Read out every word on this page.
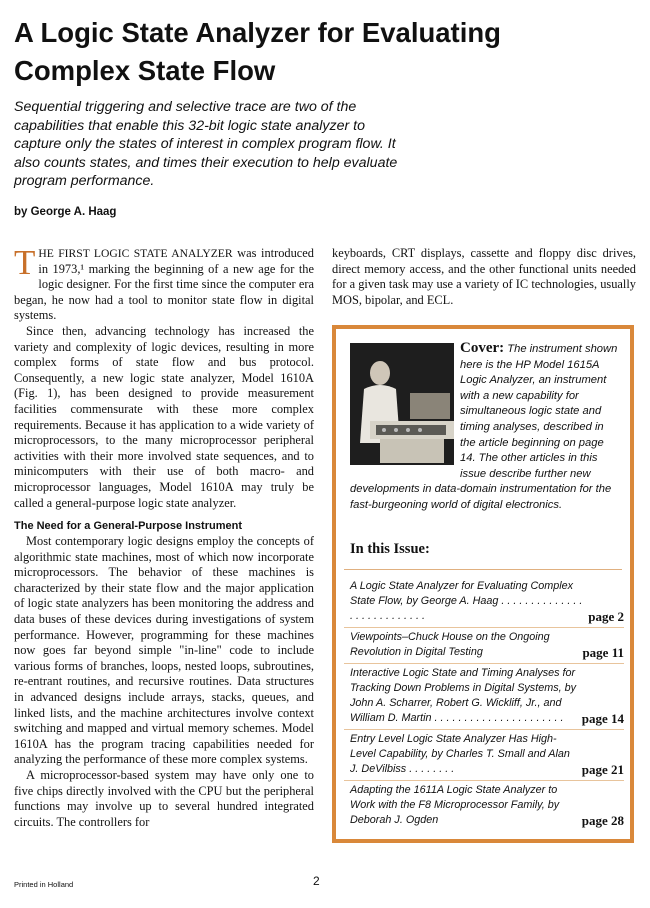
A Logic State Analyzer for Evaluating
Complex State Flow

Sequential triggering and selective trace are two of the capabilities that enable this 32-bit logic state analyzer to capture only the states of interest in complex program flow. It also counts states, and times their execution to help evaluate program performance.

by George A. Haag

THE FIRST LOGIC STATE ANALYZER was introduced in 1973,¹ marking the beginning of a new age for the logic designer. For the first time since the computer era began, he now had a tool to monitor state flow in digital systems.

Since then, advancing technology has increased the variety and complexity of logic devices, resulting in more complex forms of state flow and bus protocol. Consequently, a new logic state analyzer, Model 1610A (Fig. 1), has been designed to provide measurement facilities commensurate with these more complex requirements. Because it has application to a wide variety of microprocessors, to the many microprocessor peripheral activities with their more involved state sequences, and to minicomputers with their use of both macro- and microprocessor languages, Model 1610A may truly be called a general-purpose logic state analyzer.

The Need for a General-Purpose Instrument

Most contemporary logic designs employ the concepts of algorithmic state machines, most of which now incorporate microprocessors. The behavior of these machines is characterized by their state flow and the major application of logic state analyzers has been monitoring the address and data buses of these devices during investigations of system performance. However, programming for these machines now goes far beyond simple "in-line" code to include various forms of branches, loops, nested loops, subroutines, re-entrant routines, and recursive routines. Data structures in advanced designs include arrays, stacks, queues, and linked lists, and the machine architectures involve context switching and mapped and virtual memory schemes. Model 1610A has the program tracing capabilities needed for analyzing the performance of these more complex systems.

A microprocessor-based system may have only one to five chips directly involved with the CPU but the peripheral functions may involve up to several hundred integrated circuits. The controllers for

keyboards, CRT displays, cassette and floppy disc drives, direct memory access, and the other functional units needed for a given task may use a variety of IC technologies, usually MOS, bipolar, and ECL.

Cover: The instrument shown here is the HP Model 1615A Logic Analyzer, an instrument with a new capability for simultaneous logic state and timing analyses, described in the article beginning on page 14. The other articles in this issue describe further new developments in data-domain instrumentation for the fast-burgeoning world of digital electronics.
In this Issue:
A Logic State Analyzer for Evaluating Complex State Flow, by George A. Haag . . . . . . . . . . . . . . . . . . . . . . . . . . .	page 2
Viewpoints–Chuck House on the Ongoing Revolution in Digital Testing	page 11
Interactive Logic State and Timing Analyses for Tracking Down Problems in Digital Systems, by John A. Scharrer, Robert G. Wickliff, Jr., and William D. Martin . . . . . . . . . . . . . . . . . . . . . .	page 14
Entry Level Logic State Analyzer Has High-Level Capability, by Charles T. Small and Alan J. DeVilbiss . . . . . . . .	page 21
Adapting the 1611A Logic State Analyzer to Work with the F8 Microprocessor Family, by Deborah J. Ogden	page 28
Printed in Holland	2
